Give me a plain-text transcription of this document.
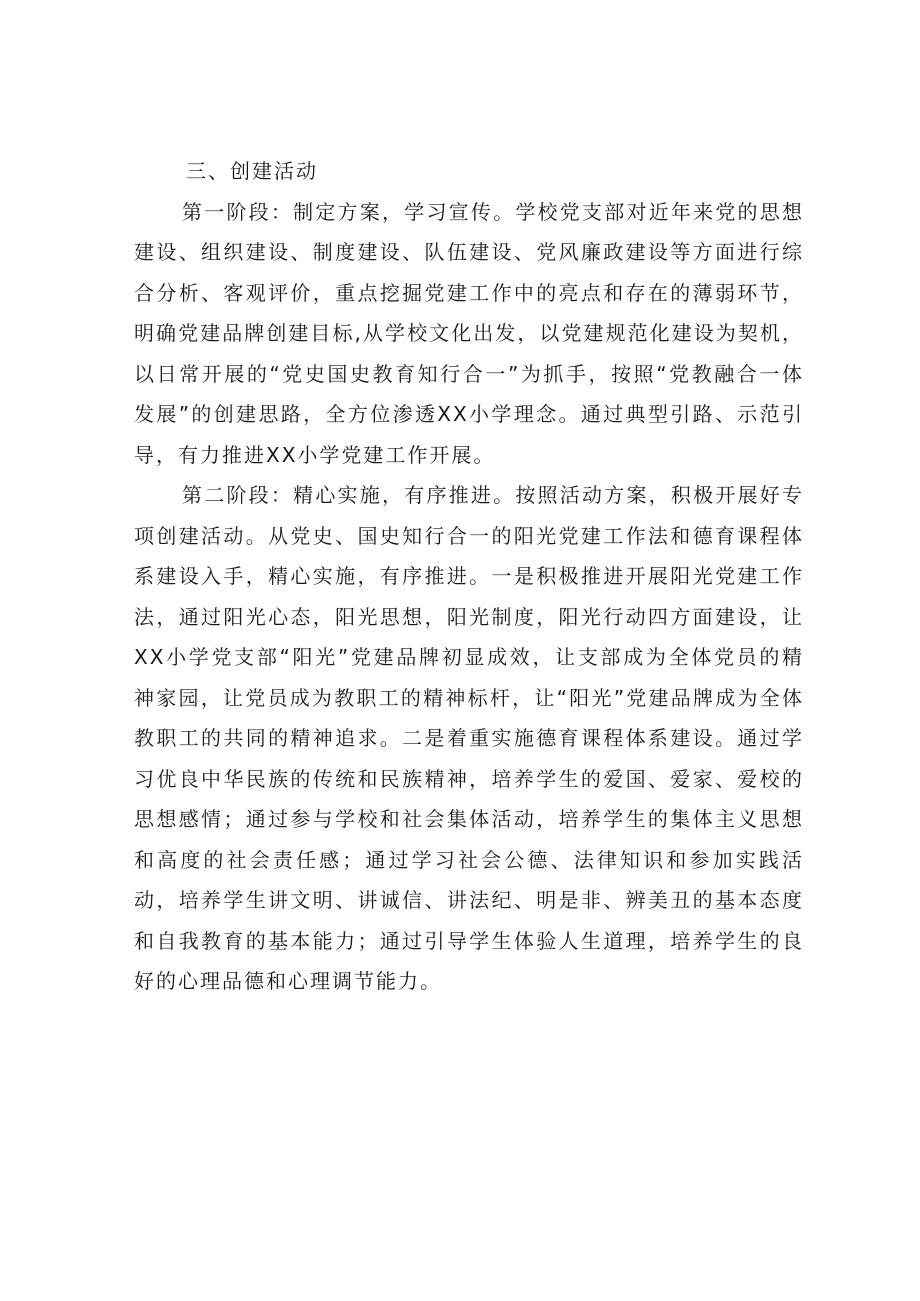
三、创建活动

第一阶段：制定方案，学习宣传。学校党支部对近年来党的思想建设、组织建设、制度建设、队伍建设、党风廉政建设等方面进行综合分析、客观评价，重点挖掘党建工作中的亮点和存在的薄弱环节，明确党建品牌创建目标,从学校文化出发，以党建规范化建设为契机，以日常开展的“党史国史教育知行合一”为抓手，按照“党教融合一体发展”的创建思路，全方位渗透XX小学理念。通过典型引路、示范引导，有力推进XX小学党建工作开展。

第二阶段：精心实施，有序推进。按照活动方案，积极开展好专项创建活动。从党史、国史知行合一的阳光党建工作法和德育课程体系建设入手，精心实施，有序推进。一是积极推进开展阳光党建工作法，通过阳光心态，阳光思想，阳光制度，阳光行动四方面建设，让XX小学党支部“阳光”党建品牌初显成效，让支部成为全体党员的精神家园，让党员成为教职工的精神标杆，让“阳光”党建品牌成为全体教职工的共同的精神追求。二是着重实施德育课程体系建设。通过学习优良中华民族的传统和民族精神，培养学生的爱国、爱家、爱校的思想感情；通过参与学校和社会集体活动，培养学生的集体主义思想和高度的社会责任感；通过学习社会公德、法律知识和参加实践活动，培养学生讲文明、讲诚信、讲法纪、明是非、辨美丑的基本态度和自我教育的基本能力；通过引导学生体验人生道理，培养学生的良好的心理品德和心理调节能力。
